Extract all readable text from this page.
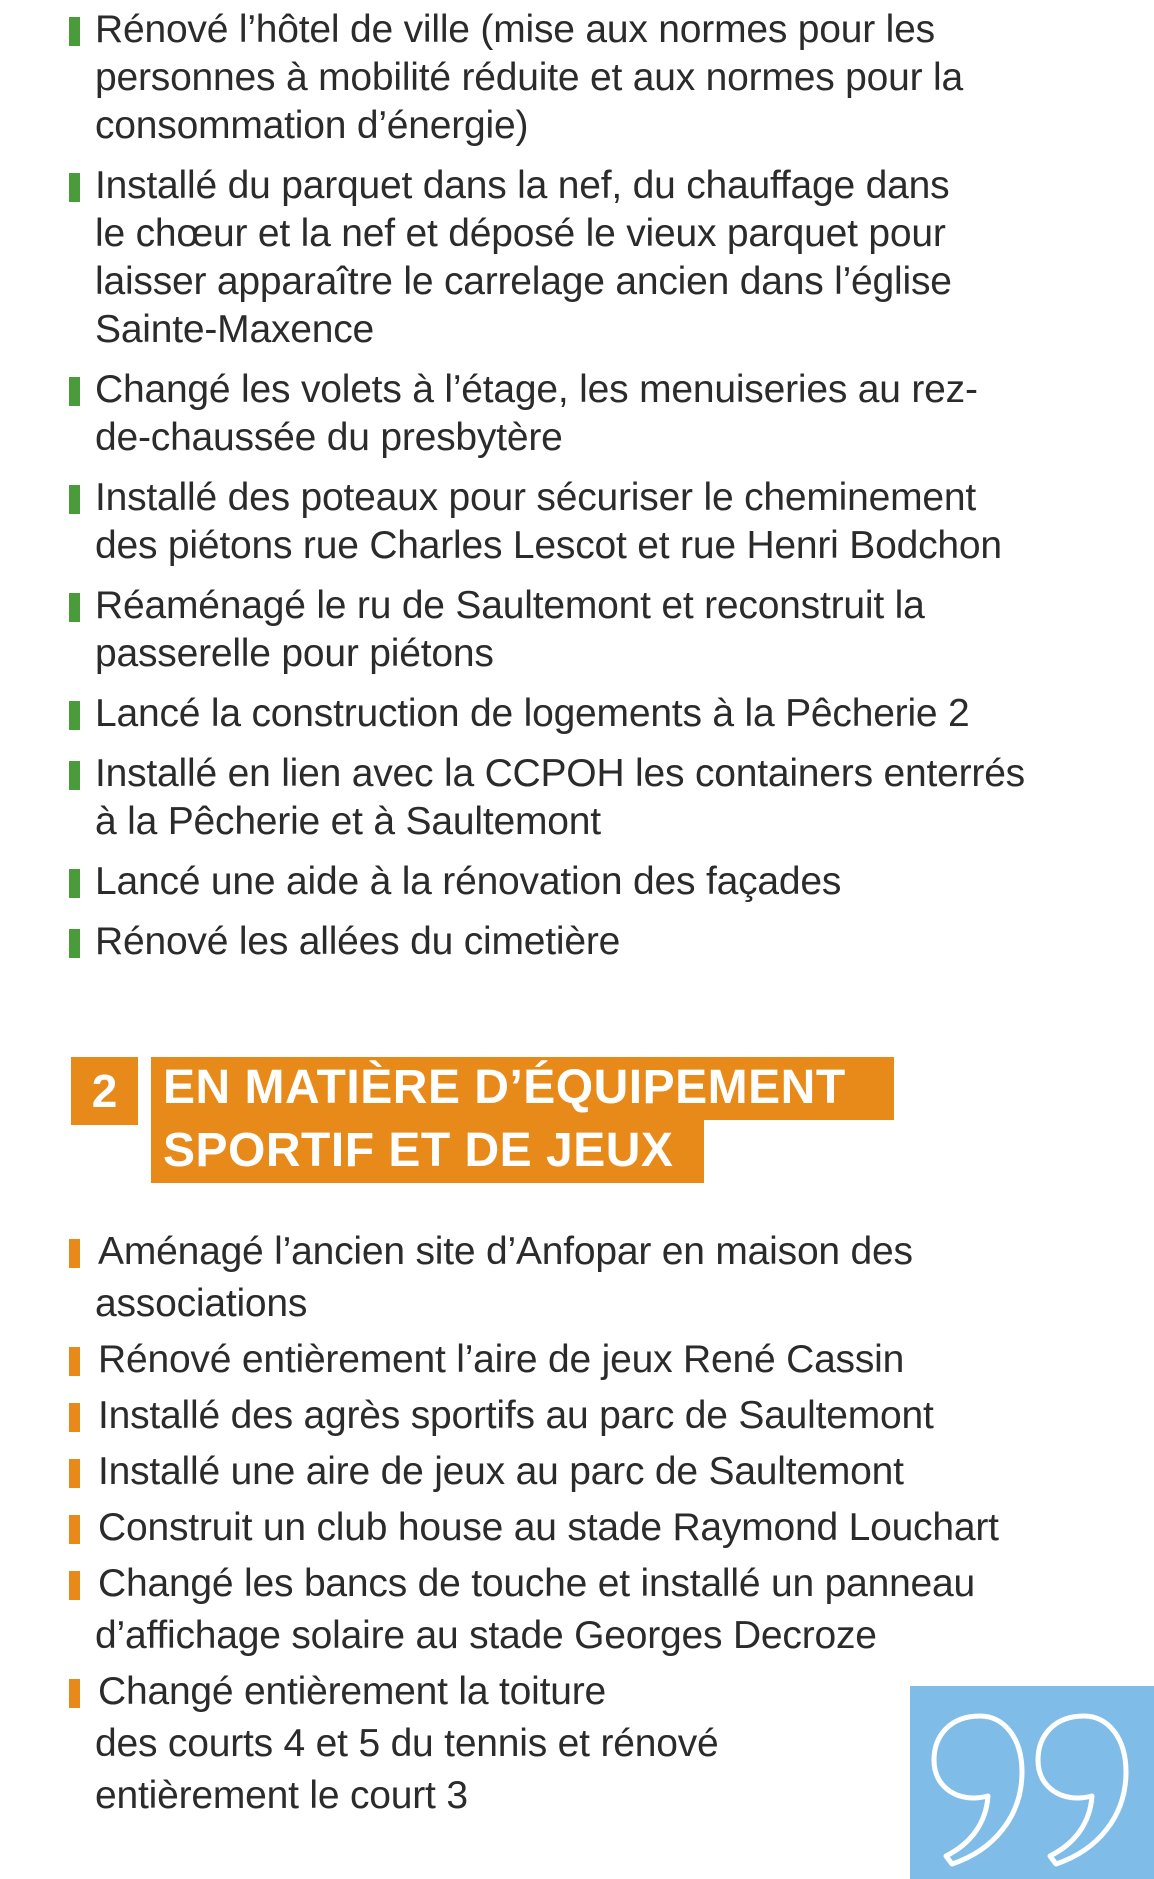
Rénové l’hôtel de ville (mise aux normes pour les
personnes à mobilité réduite et aux normes pour la
consommation d’énergie)
Installé du parquet dans la nef, du chauffage dans
le chœur et la nef et déposé le vieux parquet pour
laisser apparaître le carrelage ancien dans l’église
Sainte-Maxence
Changé les volets à l’étage, les menuiseries au rez-
de-chaussée du presbytère
Installé des poteaux pour sécuriser le cheminement
des piétons rue Charles Lescot et rue Henri Bodchon
Réaménagé le ru de Saultemont et reconstruit la
passerelle pour piétons
Lancé la construction de logements à la Pêcherie 2
Installé en lien avec la CCPOH les containers enterrés
à la Pêcherie et à Saultemont
Lancé une aide à la rénovation des façades
Rénové les allées du cimetière
2 EN MATIÈRE D’ÉQUIPEMENT
SPORTIF ET DE JEUX
Aménagé l’ancien site d’Anfopar en maison des
associations
Rénové entièrement l’aire de jeux René Cassin
Installé des agrès sportifs au parc de Saultemont
Installé une aire de jeux au parc de Saultemont
Construit un club house au stade Raymond Louchart
Changé les bancs de touche et installé un panneau
d’affichage solaire au stade Georges Decroze
Changé entièrement la toiture
des courts 4 et 5 du tennis et rénové
entièrement le court 3
